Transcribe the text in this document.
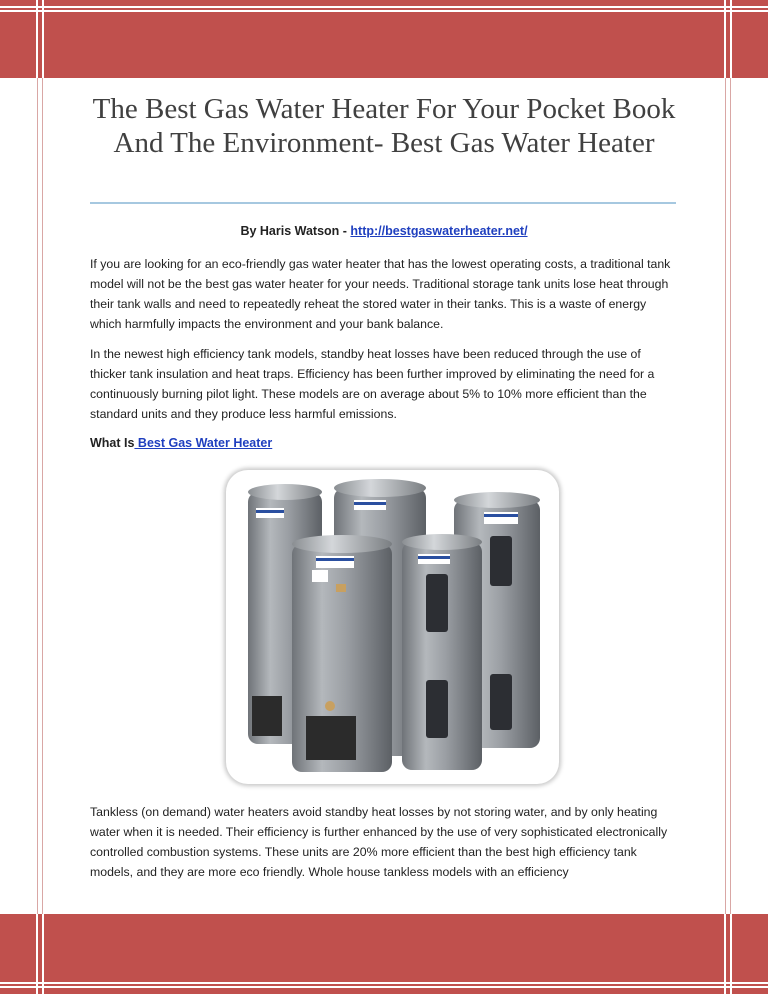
The Best Gas Water Heater For Your Pocket Book And The Environment- Best Gas Water Heater
By Haris Watson - http://bestgaswaterheater.net/

If you are looking for an eco-friendly gas water heater that has the lowest operating costs, a traditional tank model will not be the best gas water heater for your needs. Traditional storage tank units lose heat through their tank walls and need to repeatedly reheat the stored water in their tanks. This is a waste of energy which harmfully impacts the environment and your bank balance.

In the newest high efficiency tank models, standby heat losses have been reduced through the use of thicker tank insulation and heat traps. Efficiency has been further improved by eliminating the need for a continuously burning pilot light. These models are on average about 5% to 10% more efficient than the standard units and they produce less harmful emissions.

What Is Best Gas Water Heater

Tankless (on demand) water heaters avoid standby heat losses by not storing water, and by only heating water when it is needed. Their efficiency is further enhanced by the use of very sophisticated electronically controlled combustion systems. These units are 20% more efficient than the best high efficiency tank models, and they are more eco friendly. Whole house tankless models with an efficiency
